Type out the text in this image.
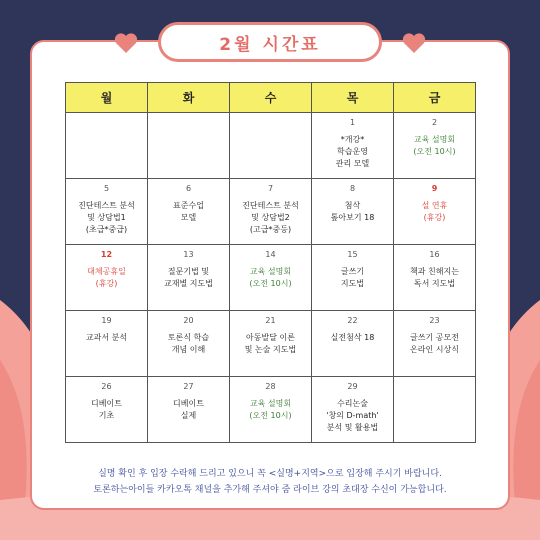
2월 시간표
월	화	수	목	금

			1
*개강*
학습운영
관리 모델	2
교육 설명회
(오전 10시)

5
진단테스트 분석
및 상담법1
(초급*중급)	6
표준수업
모델	7
진단테스트 분석
및 상담법2
(고급*중등)	8
첨삭
톺아보기 18	9
설 연휴
(휴강)

12
대체공휴일
(휴강)	13
질문기법 및
교재별 지도법	14
교육 설명회
(오전 10시)	15
글쓰기
지도법	16
책과 친해지는
독서 지도법

19
교과서 분석	20
토론식 학습
개념 이해	21
아동발달 이론
및 논술 지도법	22
실전첨삭 18	23
글쓰기 공모전
온라인 시상식

26
디베이트
기초	27
디베이트
실제	28
교육 설명회
(오전 10시)	29
수리논술
'창의 D-math'
분석 및 활용법	

실명 확인 후 입장 수락해 드리고 있으니 꼭 <실명+지역>으로 입장해 주시기 바랍니다.
토론하는아이들 카카오톡 채널을 추가해 주셔야 줌 라이브 강의 초대장 수신이 가능합니다.
